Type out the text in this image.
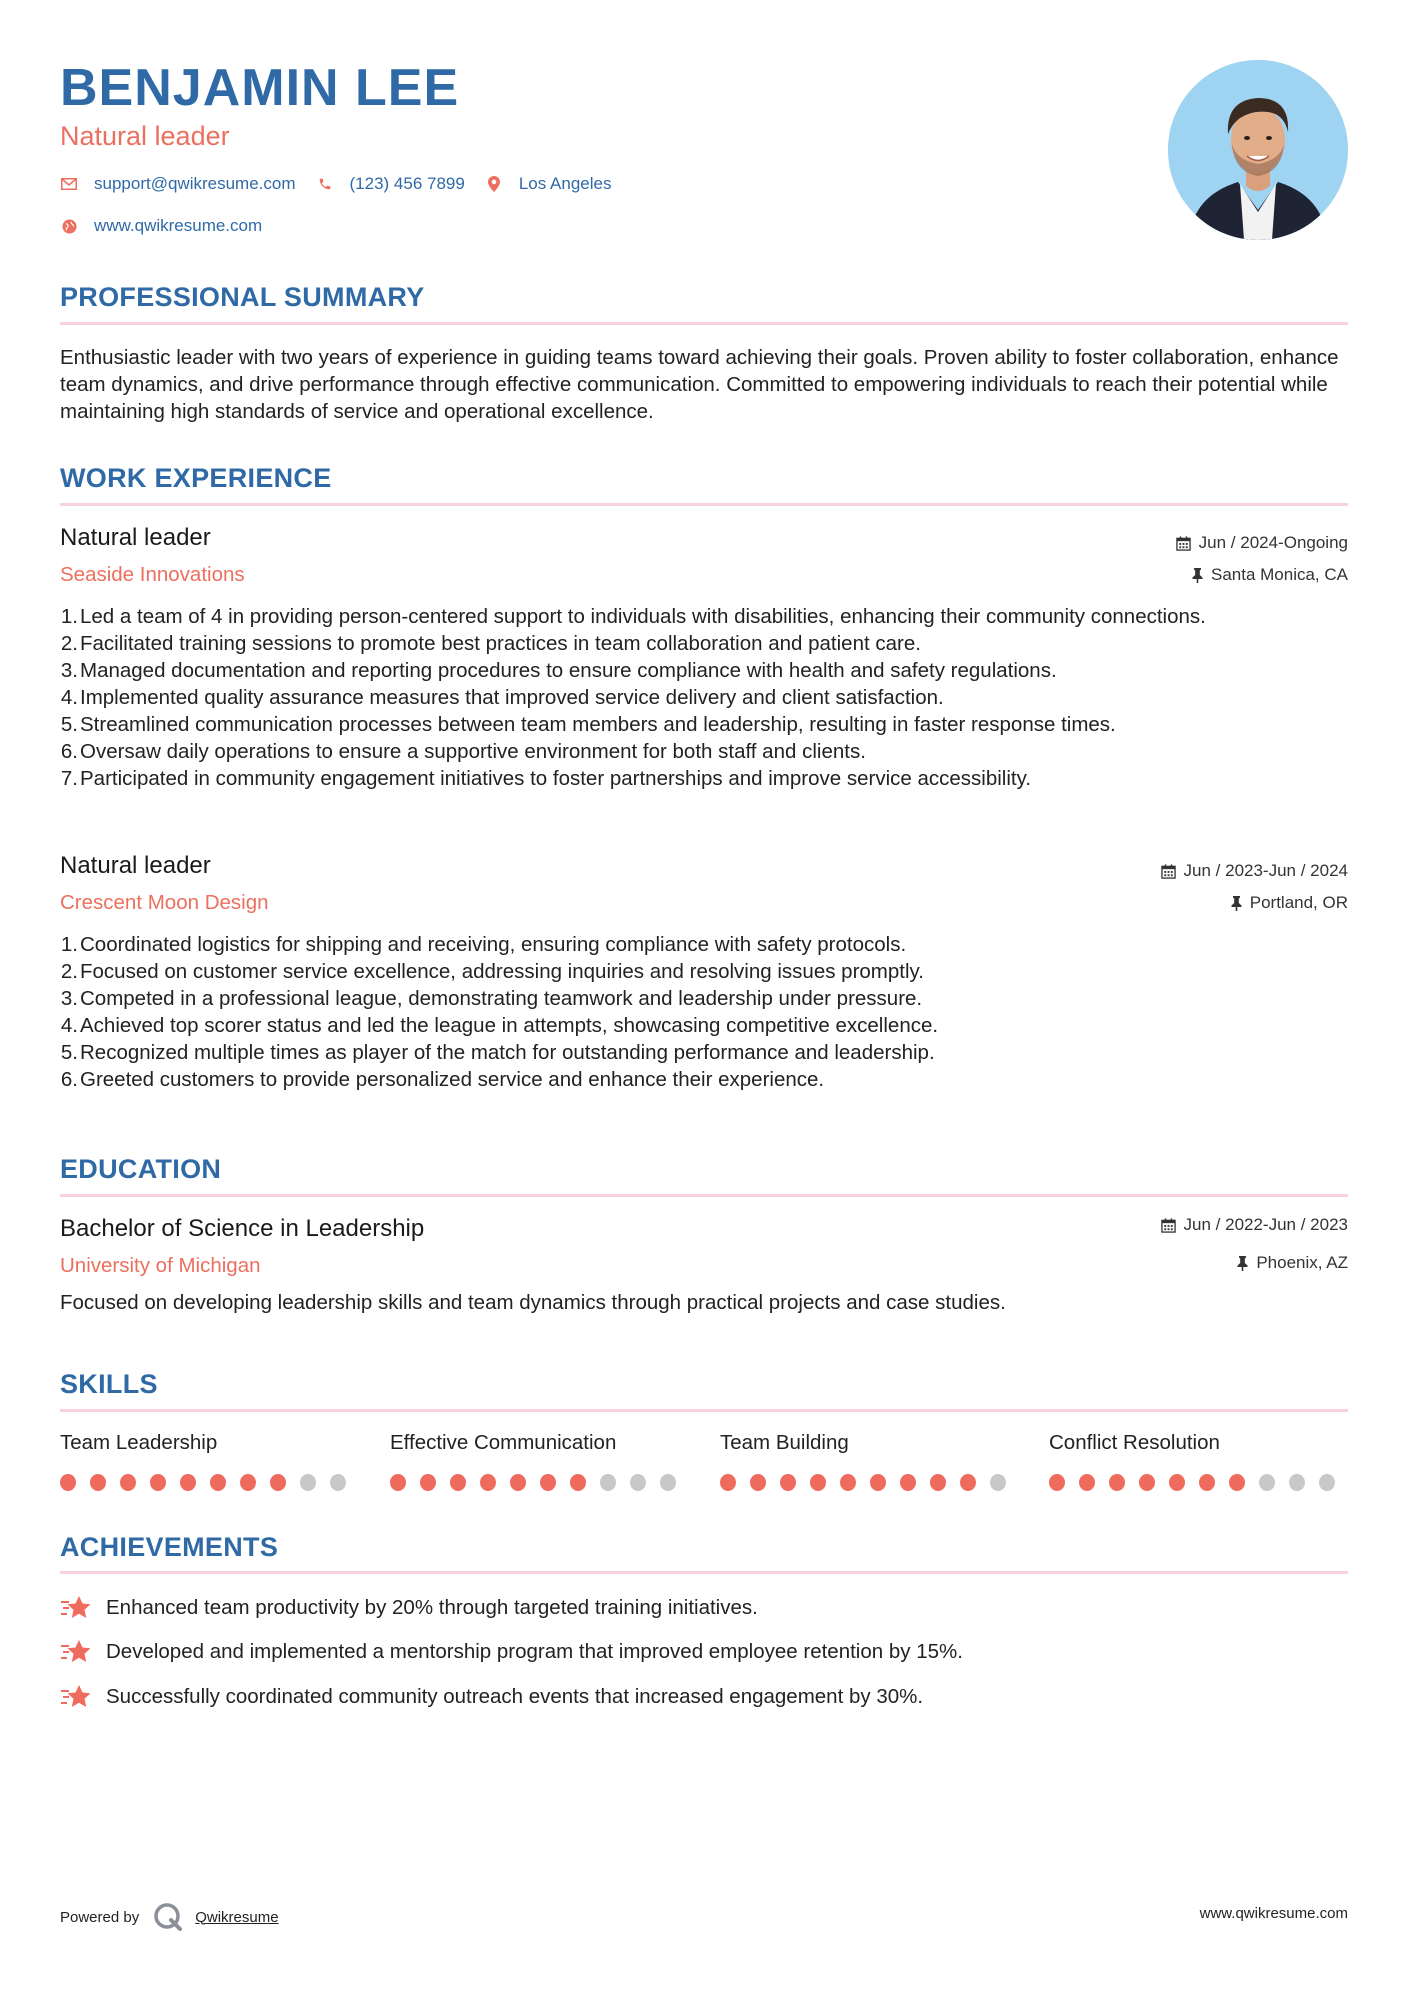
BENJAMIN LEE
Natural leader
support@qwikresume.com	(123) 456 7899	Los Angeles
www.qwikresume.com
PROFESSIONAL SUMMARY
Enthusiastic leader with two years of experience in guiding teams toward achieving their goals. Proven ability to foster collaboration, enhance team dynamics, and drive performance through effective communication. Committed to empowering individuals to reach their potential while maintaining high standards of service and operational excellence.
WORK EXPERIENCE
Natural leader
Seaside Innovations
Jun / 2024-Ongoing
Santa Monica, CA
1. Led a team of 4 in providing person-centered support to individuals with disabilities, enhancing their community connections.
2. Facilitated training sessions to promote best practices in team collaboration and patient care.
3. Managed documentation and reporting procedures to ensure compliance with health and safety regulations.
4. Implemented quality assurance measures that improved service delivery and client satisfaction.
5. Streamlined communication processes between team members and leadership, resulting in faster response times.
6. Oversaw daily operations to ensure a supportive environment for both staff and clients.
7. Participated in community engagement initiatives to foster partnerships and improve service accessibility.
Natural leader
Crescent Moon Design
Jun / 2023-Jun / 2024
Portland, OR
1. Coordinated logistics for shipping and receiving, ensuring compliance with safety protocols.
2. Focused on customer service excellence, addressing inquiries and resolving issues promptly.
3. Competed in a professional league, demonstrating teamwork and leadership under pressure.
4. Achieved top scorer status and led the league in attempts, showcasing competitive excellence.
5. Recognized multiple times as player of the match for outstanding performance and leadership.
6. Greeted customers to provide personalized service and enhance their experience.
EDUCATION
Bachelor of Science in Leadership
University of Michigan
Jun / 2022-Jun / 2023
Phoenix, AZ
Focused on developing leadership skills and team dynamics through practical projects and case studies.
SKILLS
Team Leadership	Effective Communication	Team Building	Conflict Resolution
ACHIEVEMENTS
Enhanced team productivity by 20% through targeted training initiatives.
Developed and implemented a mentorship program that improved employee retention by 15%.
Successfully coordinated community outreach events that increased engagement by 30%.
Powered by	Qwikresume	www.qwikresume.com
